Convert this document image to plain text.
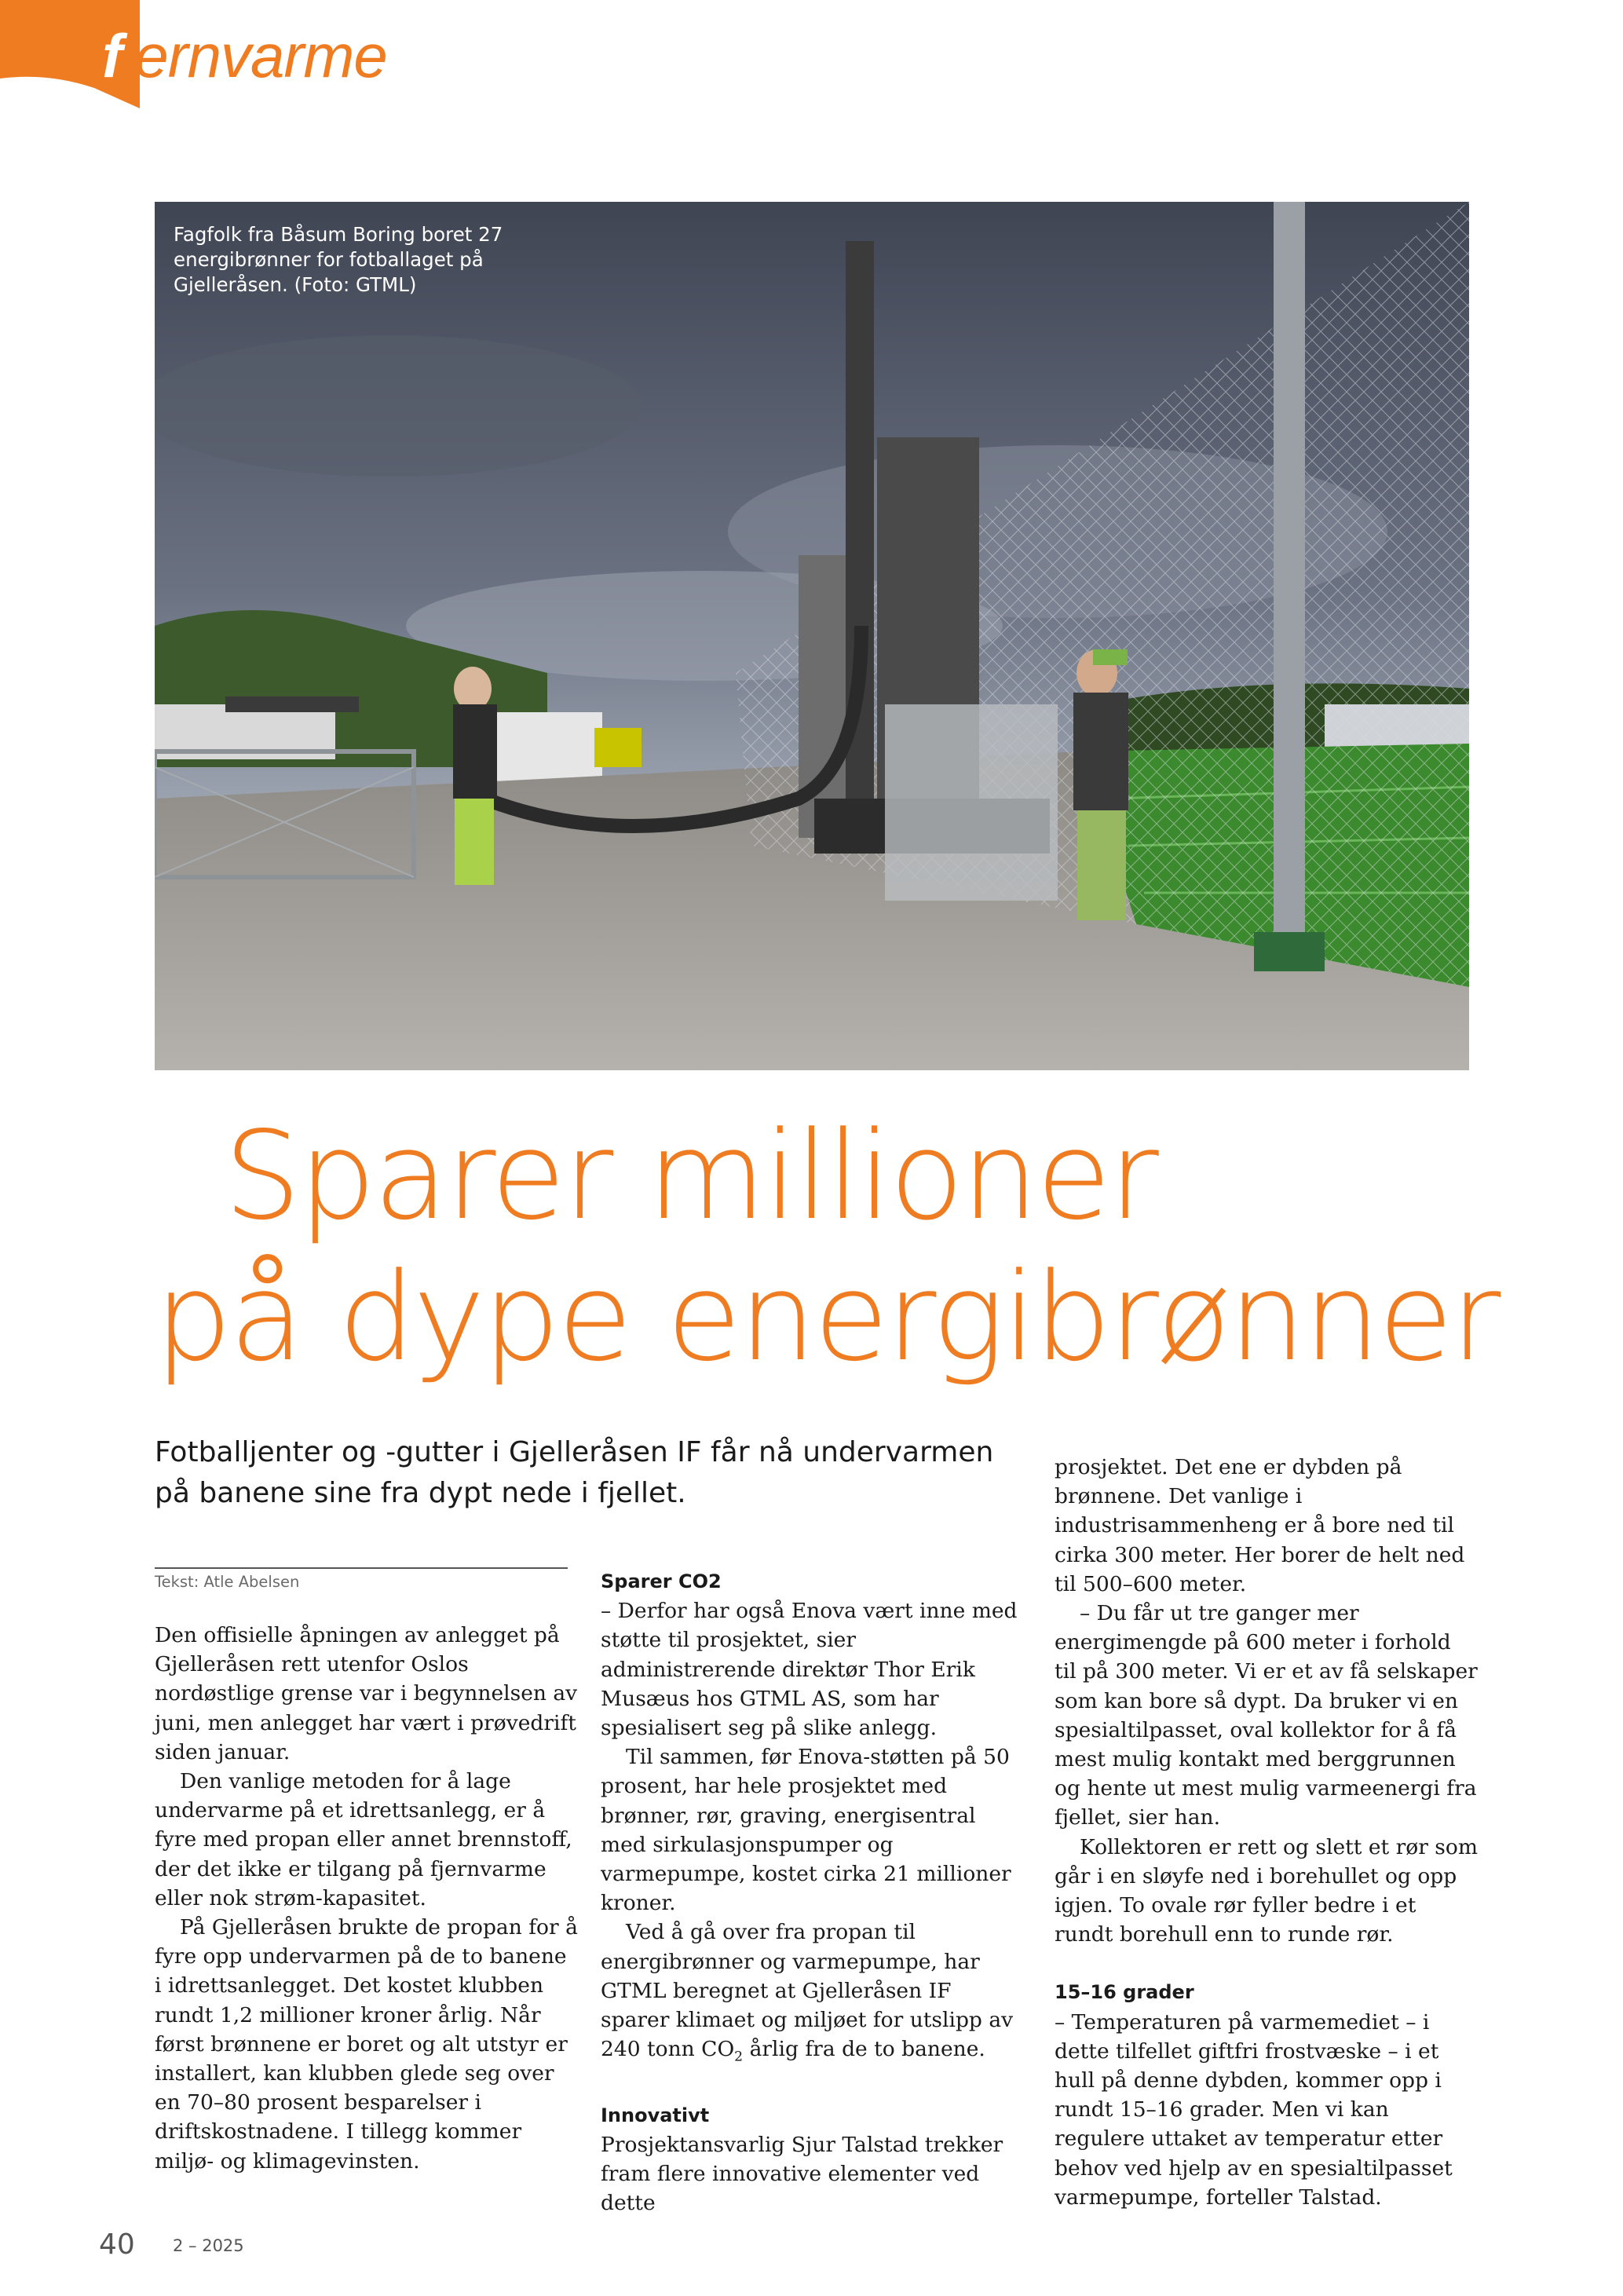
fjernvarme
Fagfolk fra Båsum Boring boret 27 energibrønner for fotballaget på Gjelleråsen. (Foto: GTML)
Sparer millioner
på dype energibrønner
Fotballjenter og -gutter i Gjelleråsen IF får nå undervarmen på banene sine fra dypt nede i fjellet.
Tekst: Atle Abelsen

Den offisielle åpningen av anlegget på Gjelleråsen rett utenfor Oslos nordøstlige grense var i begynnelsen av juni, men anlegget har vært i prøvedrift siden januar.

Den vanlige metoden for å lage undervarme på et idrettsanlegg, er å fyre med propan eller annet brennstoff, der det ikke er tilgang på fjernvarme eller nok strøm-kapasitet.

På Gjelleråsen brukte de propan for å fyre opp undervarmen på de to banene i idrettsanlegget. Det kostet klubben rundt 1,2 millioner kroner årlig. Når først brønnene er boret og alt utstyr er installert, kan klubben glede seg over en 70–80 prosent besparelser i driftskostnadene. I tillegg kommer miljø- og klimagevinsten.

Sparer CO2

– Derfor har også Enova vært inne med støtte til prosjektet, sier administrerende direktør Thor Erik Musæus hos GTML AS, som har spesialisert seg på slike anlegg.

Til sammen, før Enova-støtten på 50 prosent, har hele prosjektet med brønner, rør, graving, energisentral med sirkulasjonspumper og varmepumpe, kostet cirka 21 millioner kroner.

Ved å gå over fra propan til energibrønner og varmepumpe, har GTML beregnet at Gjelleråsen IF sparer klimaet og miljøet for utslipp av 240 tonn $CO_2$ årlig fra de to banene.

Innovativt

Prosjektansvarlig Sjur Talstad trekker fram flere innovative elementer ved dette

prosjektet. Det ene er dybden på brønnene. Det vanlige i industrisammenheng er å bore ned til cirka 300 meter. Her borer de helt ned til 500–600 meter.

– Du får ut tre ganger mer energimengde på 600 meter i forhold til på 300 meter. Vi er et av få selskaper som kan bore så dypt. Da bruker vi en spesialtilpasset, oval kollektor for å få mest mulig kontakt med berggrunnen og hente ut mest mulig varmeenergi fra fjellet, sier han.

Kollektoren er rett og slett et rør som går i en sløyfe ned i borehullet og opp igjen. To ovale rør fyller bedre i et rundt borehull enn to runde rør.

15–16 grader

– Temperaturen på varmemediet – i dette tilfellet giftfri frostvæske – i et hull på denne dybden, kommer opp i rundt 15–16 grader. Men vi kan regulere uttaket av temperatur etter behov ved hjelp av en spesialtilpasset varmepumpe, forteller Talstad.

40 2 – 2025
